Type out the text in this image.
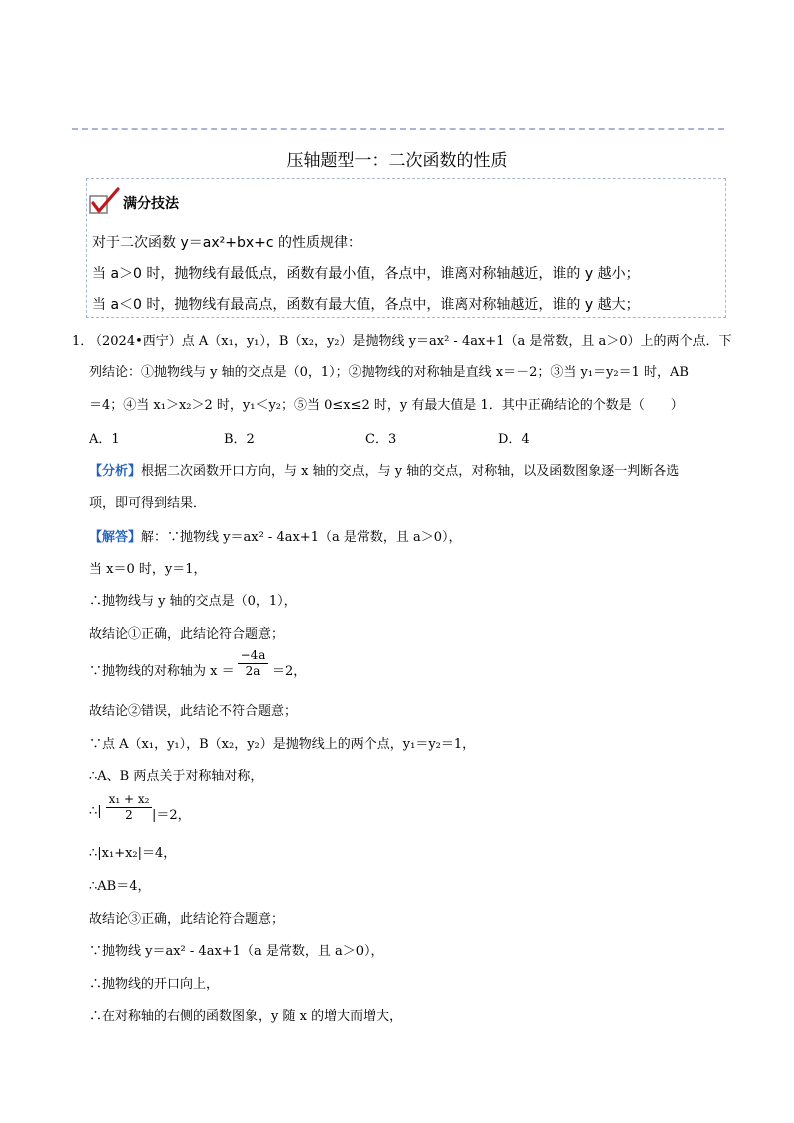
压轴题型一：二次函数的性质
满分技法
对于二次函数 y＝ax²+bx+c 的性质规律：
当 a＞0 时，抛物线有最低点，函数有最小值，各点中，谁离对称轴越近，谁的 y 越小；
当 a＜0 时，抛物线有最高点，函数有最大值，各点中，谁离对称轴越近，谁的 y 越大；
1．
（2024•西宁）点 A（x₁，y₁），B（x₂，y₂）是抛物线 y＝ax² - 4ax+1（a 是常数，且 a＞0）上的两个点．下
列结论：①抛物线与 y 轴的交点是（0，1）；②抛物线的对称轴是直线 x＝－2；③当 y₁＝y₂＝1 时，AB
＝4；④当 x₁＞x₂＞2 时，y₁＜y₂；⑤当 0≤x≤2 时，y 有最大值是 1．其中正确结论的个数是（　　）
A．1	B．2	C．3	D．4
【分析】根据二次函数开口方向，与 x 轴的交点，与 y 轴的交点，对称轴，以及函数图象逐一判断各选
项，即可得到结果．
【解答】解：∵抛物线 y＝ax² - 4ax+1（a 是常数，且 a＞0），
当 x＝0 时，y＝1，
∴抛物线与 y 轴的交点是（0，1），
故结论①正确，此结论符合题意；
∵抛物线的对称轴为 $x = \frac{-4a}{2a} =2$，
故结论②错误，此结论不符合题意；
∵点 A（x₁，y₁），B（x₂，y₂）是抛物线上的两个点，y₁＝y₂＝1，
∴A、B 两点关于对称轴对称，
∴| $\frac{\text{x₁ + x₂}}{2} |=2$，
∴|x₁+x₂|＝4，
∴AB＝4，
故结论③正确，此结论符合题意；
∵抛物线 y＝ax² - 4ax+1（a 是常数，且 a＞0），
∴抛物线的开口向上，
∴在对称轴的右侧的函数图象，y 随 x 的增大而增大，
